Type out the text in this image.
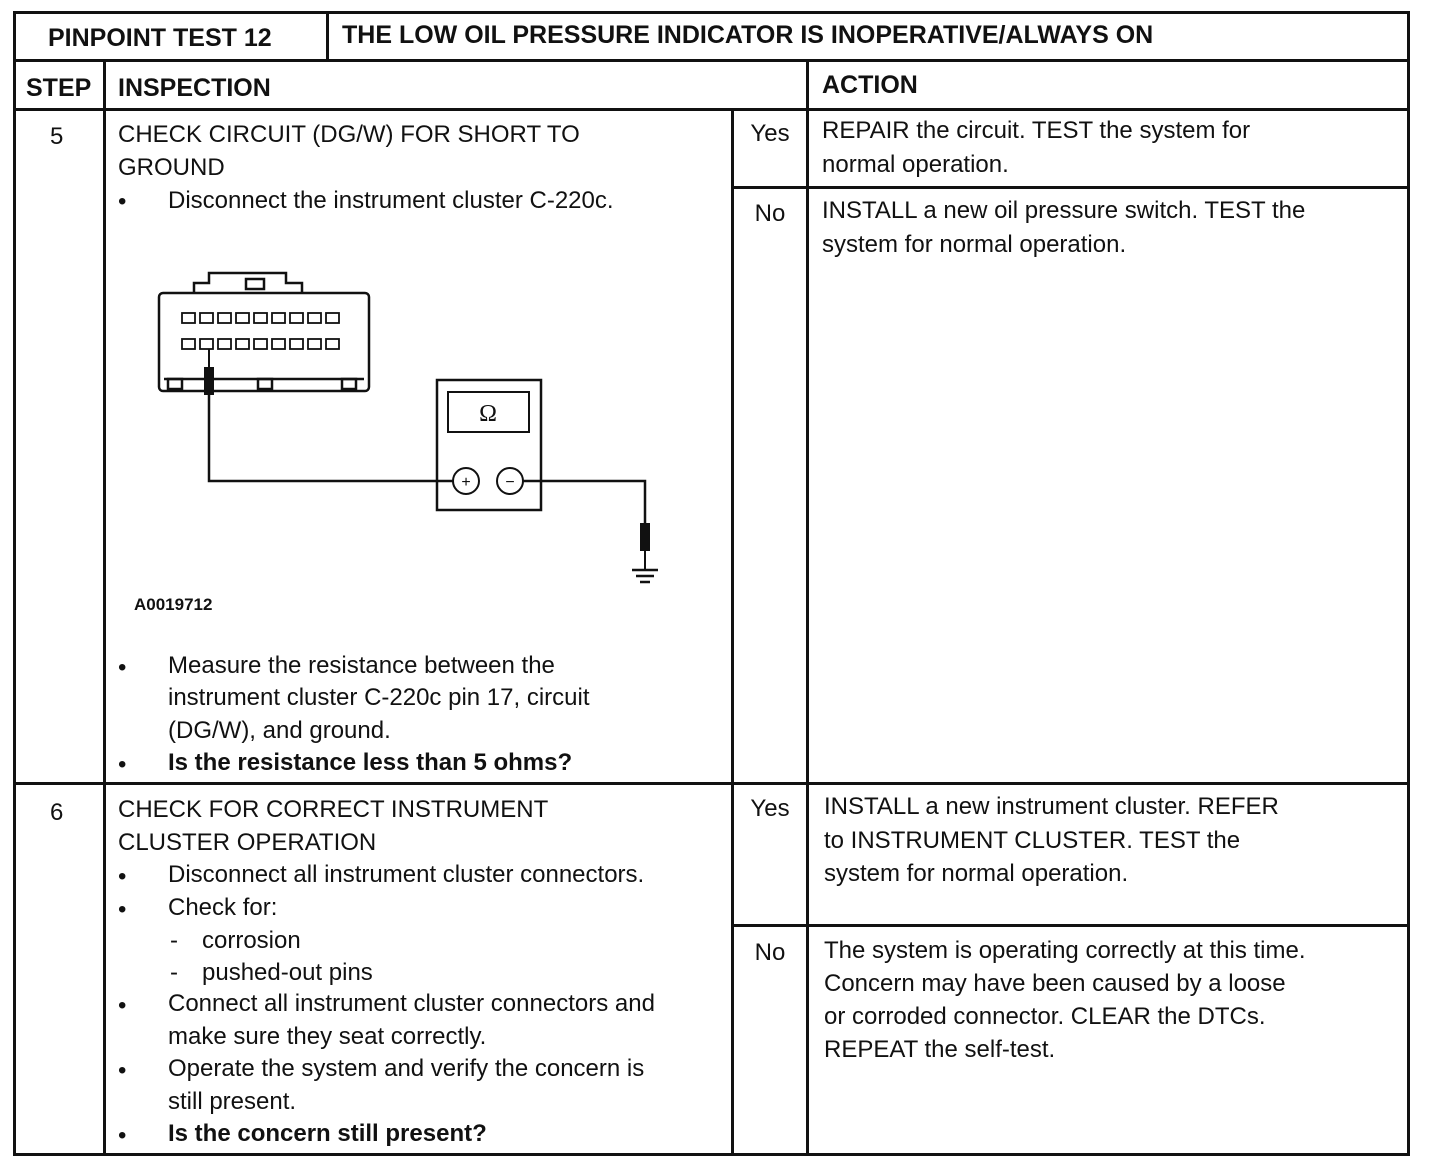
PINPOINT TEST 12	THE LOW OIL PRESSURE INDICATOR IS INOPERATIVE/ALWAYS ON
STEP INSPECTION	ACTION
5 CHECK CIRCUIT (DG/W) FOR SHORT TO
GROUND
• Disconnect the instrument cluster C-220c.
Ω
+ −
A0019712
• Measure the resistance between the
instrument cluster C-220c pin 17, circuit
(DG/W), and ground.
• Is the resistance less than 5 ohms?
Yes	REPAIR the circuit. TEST the system for
normal operation.
No	INSTALL a new oil pressure switch. TEST the
system for normal operation.
6 CHECK FOR CORRECT INSTRUMENT
CLUSTER OPERATION
• Disconnect all instrument cluster connectors.
• Check for:
- corrosion
- pushed-out pins
• Connect all instrument cluster connectors and
make sure they seat correctly.
• Operate the system and verify the concern is
still present.
• Is the concern still present?
Yes	INSTALL a new instrument cluster. REFER
to INSTRUMENT CLUSTER. TEST the
system for normal operation.
No	The system is operating correctly at this time.
Concern may have been caused by a loose
or corroded connector. CLEAR the DTCs.
REPEAT the self-test.
